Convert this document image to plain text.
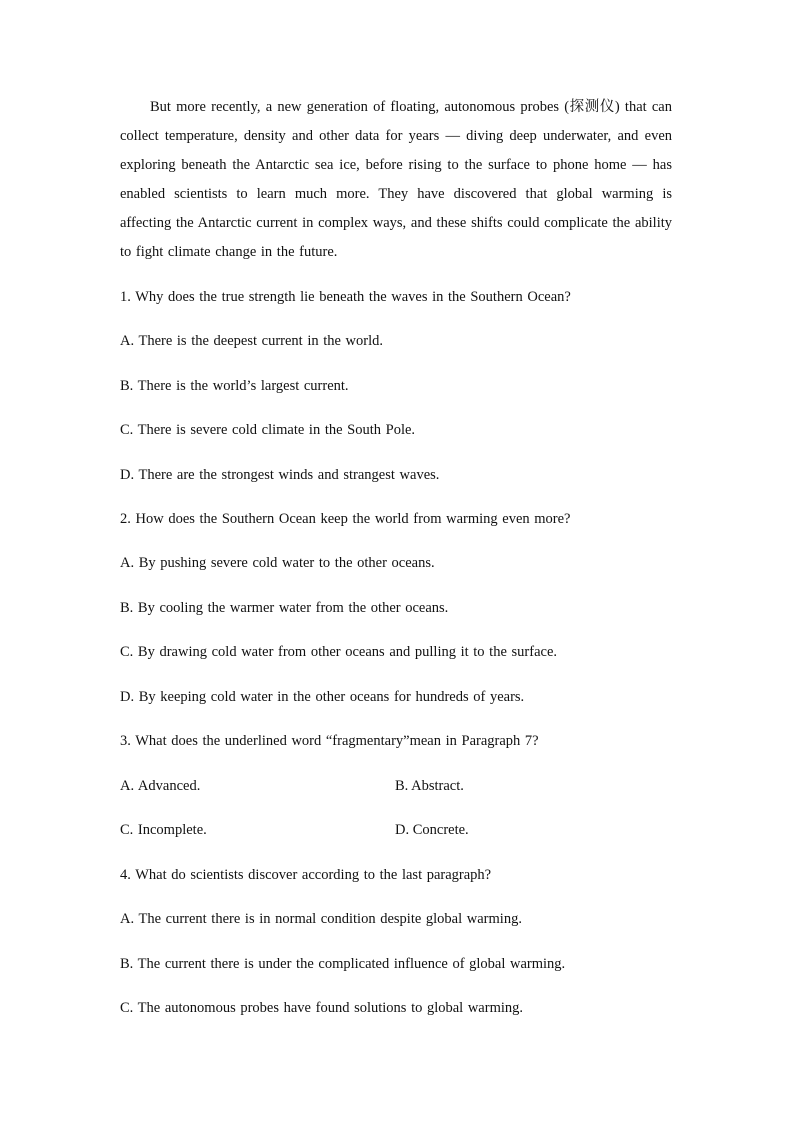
But more recently, a new generation of floating, autonomous probes (探测仪) that can collect temperature, density and other data for years — diving deep underwater, and even exploring beneath the Antarctic sea ice, before rising to the surface to phone home — has enabled scientists to learn much more. They have discovered that global warming is affecting the Antarctic current in complex ways, and these shifts could complicate the ability to fight climate change in the future.

1. Why does the true strength lie beneath the waves in the Southern Ocean?

A. There is the deepest current in the world.

B. There is the world’s largest current.

C. There is severe cold climate in the South Pole.

D. There are the strongest winds and strangest waves.

2. How does the Southern Ocean keep the world from warming even more?

A. By pushing severe cold water to the other oceans.

B. By cooling the warmer water from the other oceans.

C. By drawing cold water from other oceans and pulling it to the surface.

D. By keeping cold water in the other oceans for hundreds of years.

3. What does the underlined word “fragmentary”mean in Paragraph 7?

A. Advanced.	B. Abstract.

C. Incomplete.	D. Concrete.

4. What do scientists discover according to the last paragraph?

A. The current there is in normal condition despite global warming.

B. The current there is under the complicated influence of global warming.

C. The autonomous probes have found solutions to global warming.
